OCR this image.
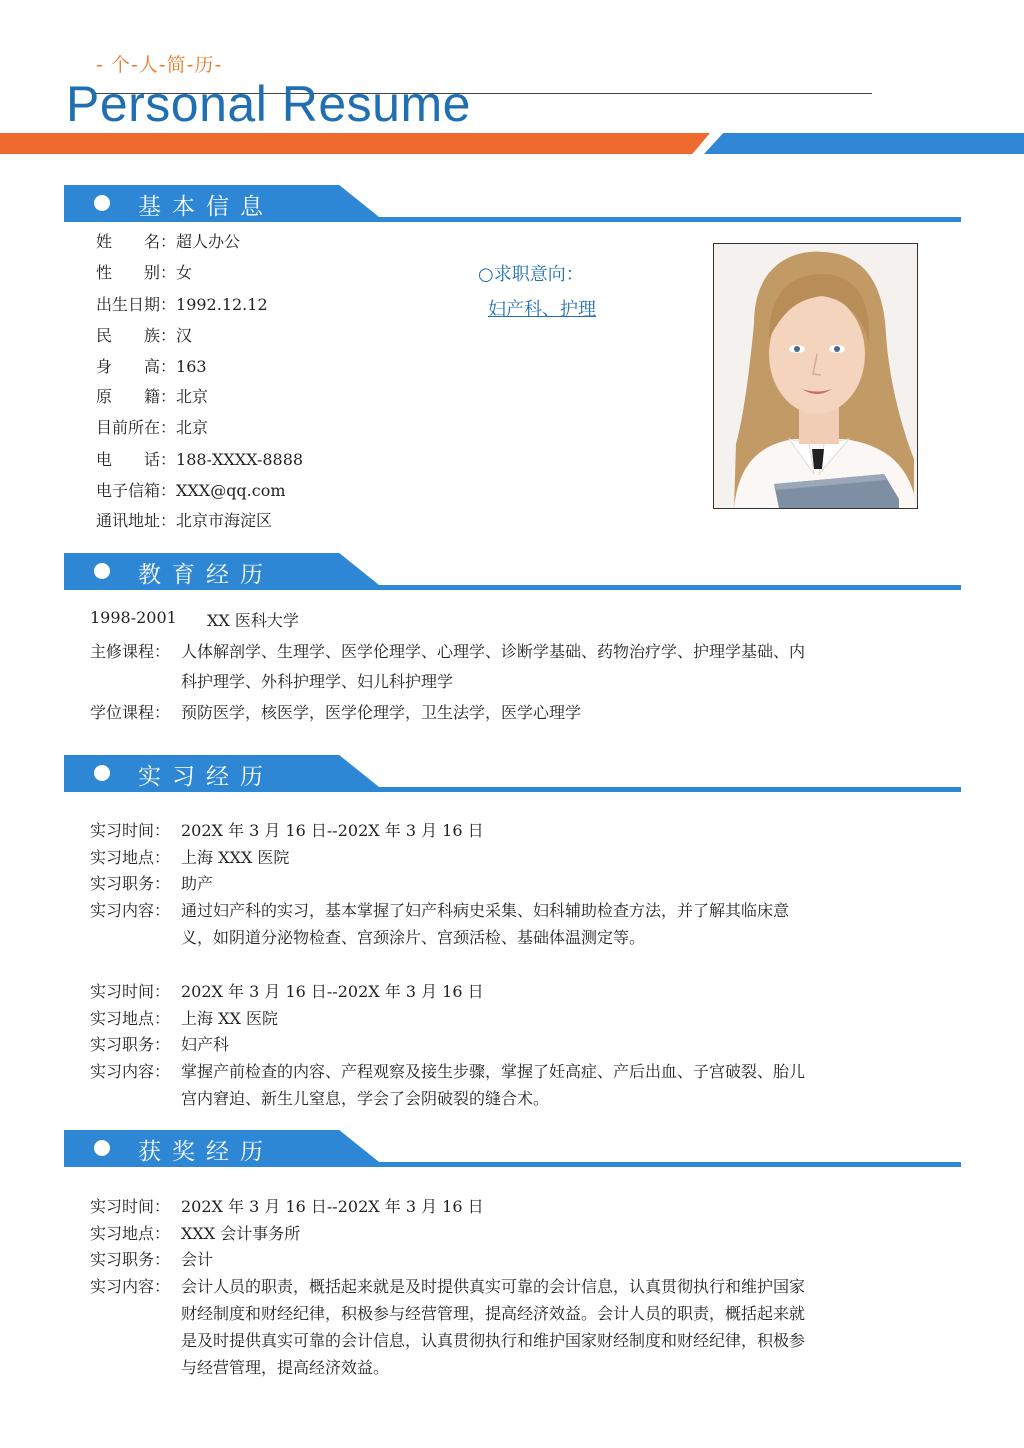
- 个-人-简-历-
Personal Resume
基本信息
姓　　名：超人办公
性　　别：女
出生日期：1992.12.12
民　　族：汉
身　　高：163
原　　籍：北京
目前所在：北京
电　　话：188-XXXX-8888
电子信箱：XXX@qq.com
通讯地址：北京市海淀区
○求职意向：
妇产科、护理
教育经历
1998-2001 XX 医科大学
主修课程： 人体解剖学、生理学、医学伦理学、心理学、诊断学基础、药物治疗学、护理学基础、内
科护理学、外科护理学、妇儿科护理学
学位课程： 预防医学，核医学，医学伦理学，卫生法学，医学心理学
实习经历
实习时间： 202X 年 3 月 16 日--202X 年 3 月 16 日
实习地点： 上海 XXX 医院
实习职务： 助产
实习内容： 通过妇产科的实习，基本掌握了妇产科病史采集、妇科辅助检查方法，并了解其临床意
义，如阴道分泌物检查、宫颈涂片、宫颈活检、基础体温测定等。
实习时间： 202X 年 3 月 16 日--202X 年 3 月 16 日
实习地点： 上海 XX 医院
实习职务： 妇产科
实习内容： 掌握产前检查的内容、产程观察及接生步骤，掌握了妊高症、产后出血、子宫破裂、胎儿
宫内窘迫、新生儿窒息，学会了会阴破裂的缝合术。
获奖经历
实习时间： 202X 年 3 月 16 日--202X 年 3 月 16 日
实习地点： XXX 会计事务所
实习职务： 会计
实习内容： 会计人员的职责，概括起来就是及时提供真实可靠的会计信息，认真贯彻执行和维护国家
财经制度和财经纪律，积极参与经营管理，提高经济效益。会计人员的职责，概括起来就
是及时提供真实可靠的会计信息，认真贯彻执行和维护国家财经制度和财经纪律，积极参
与经营管理，提高经济效益。
